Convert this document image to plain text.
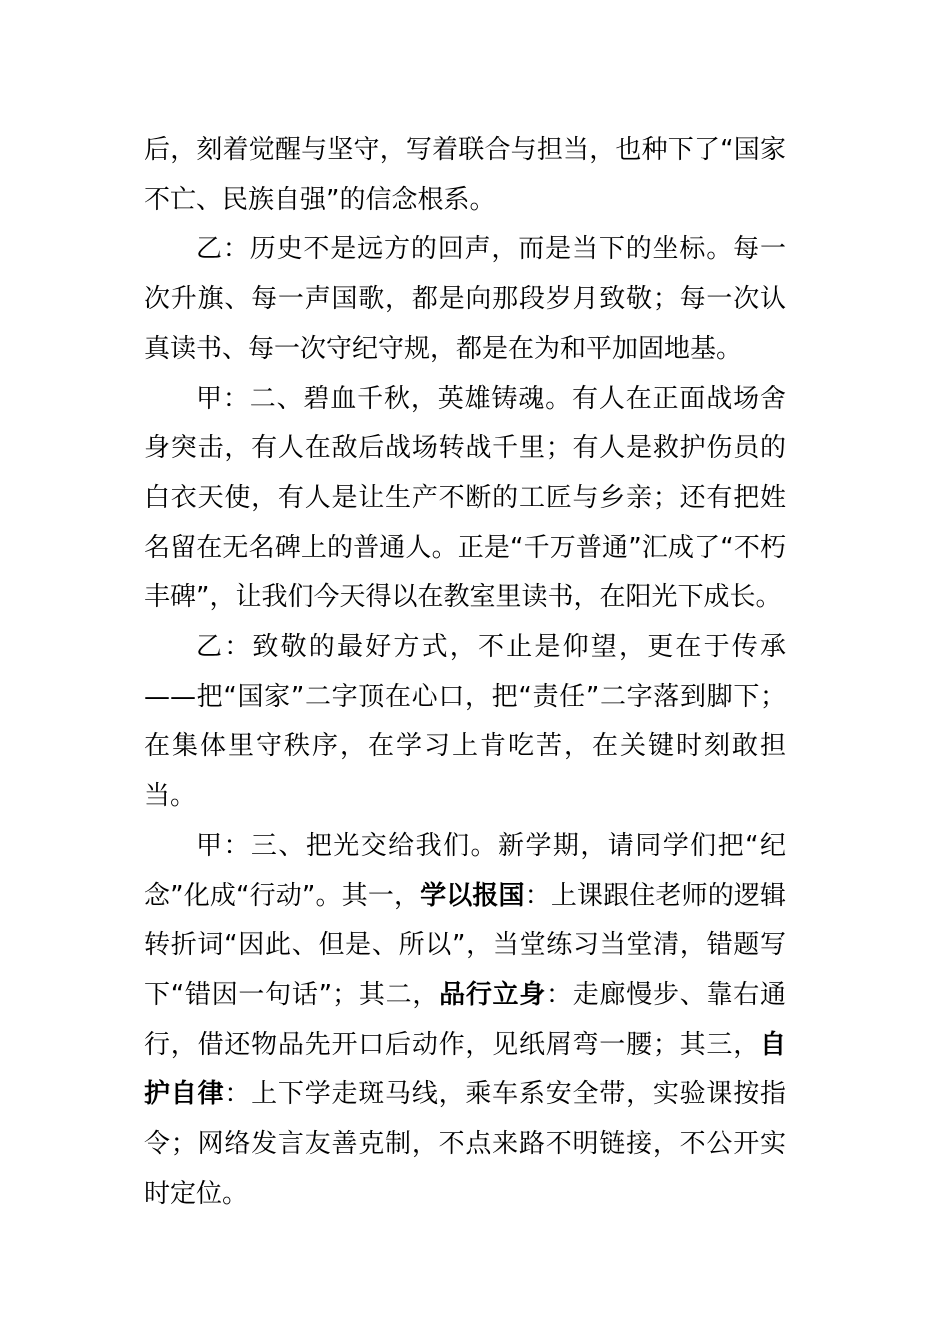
后，刻着觉醒与坚守，写着联合与担当，也种下了“国家不亡、民族自强”的信念根系。

乙：历史不是远方的回声，而是当下的坐标。每一次升旗、每一声国歌，都是向那段岁月致敬；每一次认真读书、每一次守纪守规，都是在为和平加固地基。

甲：二、碧血千秋，英雄铸魂。有人在正面战场舍身突击，有人在敌后战场转战千里；有人是救护伤员的白衣天使，有人是让生产不断的工匠与乡亲；还有把姓名留在无名碑上的普通人。正是“千万普通”汇成了“不朽丰碑”，让我们今天得以在教室里读书，在阳光下成长。

乙：致敬的最好方式，不止是仰望，更在于传承——把“国家”二字顶在心口，把“责任”二字落到脚下；在集体里守秩序，在学习上肯吃苦，在关键时刻敢担当。

甲：三、把光交给我们。新学期，请同学们把“纪念”化成“行动”。其一，学以报国：上课跟住老师的逻辑转折词“因此、但是、所以”，当堂练习当堂清，错题写下“错因一句话”；其二，品行立身：走廊慢步、靠右通行，借还物品先开口后动作，见纸屑弯一腰；其三，自护自律：上下学走斑马线，乘车系安全带，实验课按指令；网络发言友善克制，不点来路不明链接，不公开实时定位。
